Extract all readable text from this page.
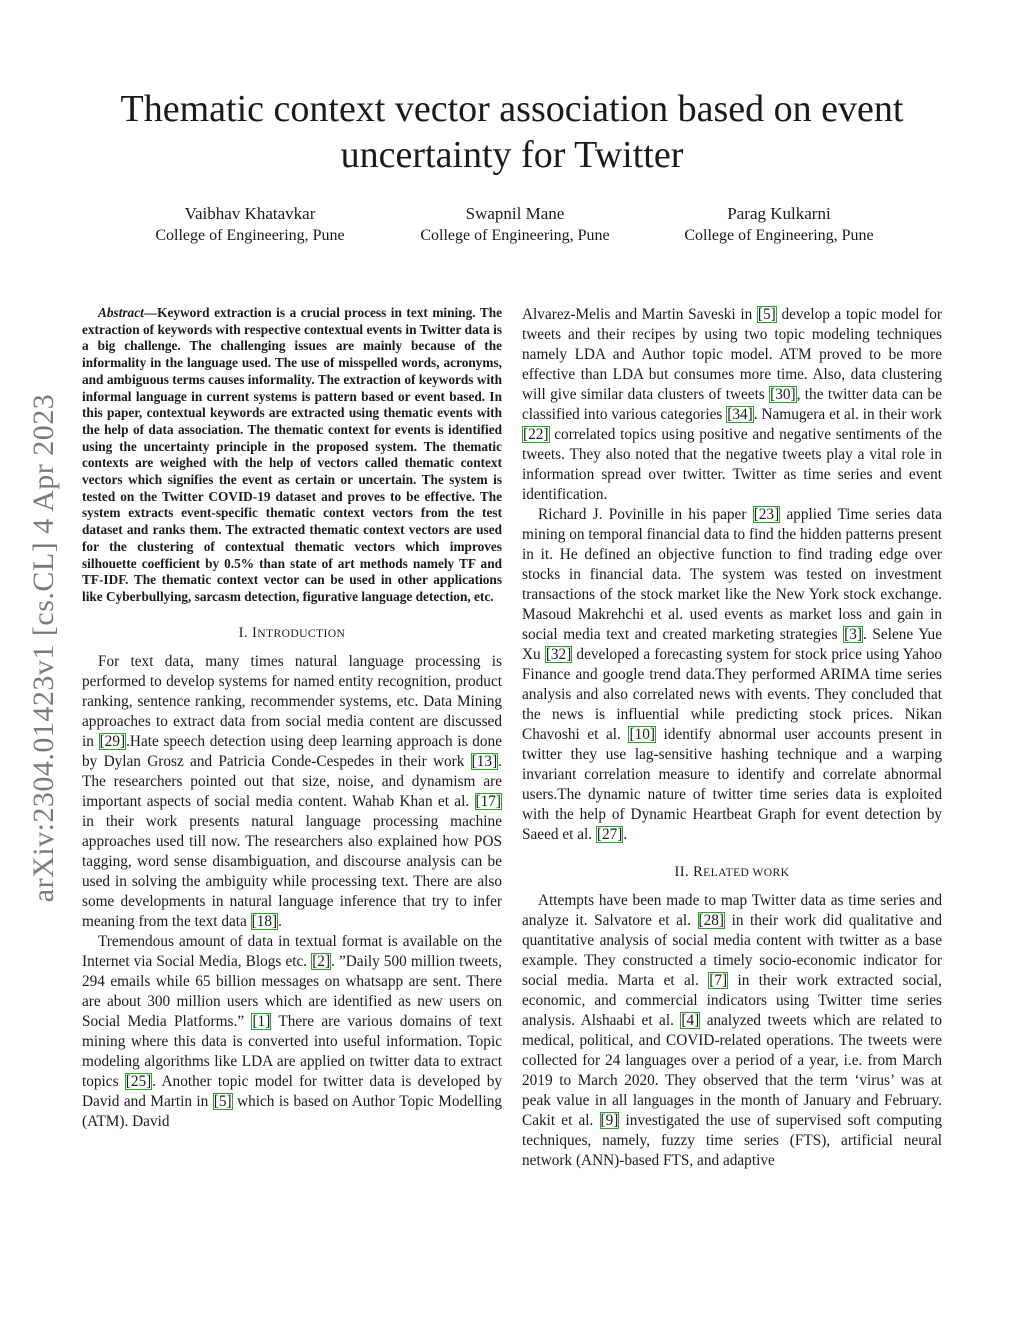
arXiv:2304.01423v1 [cs.CL] 4 Apr 2023
Thematic context vector association based on event uncertainty for Twitter
Vaibhav Khatavkar
College of Engineering, Pune
Swapnil Mane
College of Engineering, Pune
Parag Kulkarni
College of Engineering, Pune

Abstract—Keyword extraction is a crucial process in text mining. The extraction of keywords with respective contextual events in Twitter data is a big challenge. The challenging issues are mainly because of the informality in the language used. The use of misspelled words, acronyms, and ambiguous terms causes informality. The extraction of keywords with informal language in current systems is pattern based or event based. In this paper, contextual keywords are extracted using thematic events with the help of data association. The thematic context for events is identified using the uncertainty principle in the proposed system. The thematic contexts are weighed with the help of vectors called thematic context vectors which signifies the event as certain or uncertain. The system is tested on the Twitter COVID-19 dataset and proves to be effective. The system extracts event-specific thematic context vectors from the test dataset and ranks them. The extracted thematic context vectors are used for the clustering of contextual thematic vectors which improves silhouette coefficient by 0.5% than state of art methods namely TF and TF-IDF. The thematic context vector can be used in other applications like Cyberbullying, sarcasm detection, figurative language detection, etc.

I. INTRODUCTION

For text data, many times natural language processing is performed to develop systems for named entity recognition, product ranking, sentence ranking, recommender systems, etc. Data Mining approaches to extract data from social media content are discussed in [29].Hate speech detection using deep learning approach is done by Dylan Grosz and Patricia Conde-Cespedes in their work [13]. The researchers pointed out that size, noise, and dynamism are important aspects of social media content. Wahab Khan et al. [17] in their work presents natural language processing machine approaches used till now. The researchers also explained how POS tagging, word sense disambiguation, and discourse analysis can be used in solving the ambiguity while processing text. There are also some developments in natural language inference that try to infer meaning from the text data [18].

Tremendous amount of data in textual format is available on the Internet via Social Media, Blogs etc. [2]. ”Daily 500 million tweets, 294 emails while 65 billion messages on whatsapp are sent. There are about 300 million users which are identified as new users on Social Media Platforms.” [1] There are various domains of text mining where this data is converted into useful information. Topic modeling algorithms like LDA are applied on twitter data to extract topics [25]. Another topic model for twitter data is developed by David and Martin in [5] which is based on Author Topic Modelling (ATM). David

Alvarez-Melis and Martin Saveski in [5] develop a topic model for tweets and their recipes by using two topic modeling techniques namely LDA and Author topic model. ATM proved to be more effective than LDA but consumes more time. Also, data clustering will give similar data clusters of tweets [30], the twitter data can be classified into various categories [34]. Namugera et al. in their work [22] correlated topics using positive and negative sentiments of the tweets. They also noted that the negative tweets play a vital role in information spread over twitter. Twitter as time series and event identification.

Richard J. Povinille in his paper [23] applied Time series data mining on temporal financial data to find the hidden patterns present in it. He defined an objective function to find trading edge over stocks in financial data. The system was tested on investment transactions of the stock market like the New York stock exchange. Masoud Makrehchi et al. used events as market loss and gain in social media text and created marketing strategies [3]. Selene Yue Xu [32] developed a forecasting system for stock price using Yahoo Finance and google trend data.They performed ARIMA time series analysis and also correlated news with events. They concluded that the news is influential while predicting stock prices. Nikan Chavoshi et al. [10] identify abnormal user accounts present in twitter they use lag-sensitive hashing technique and a warping invariant correlation measure to identify and correlate abnormal users.The dynamic nature of twitter time series data is exploited with the help of Dynamic Heartbeat Graph for event detection by Saeed et al. [27].

II. RELATED WORK

Attempts have been made to map Twitter data as time series and analyze it. Salvatore et al. [28] in their work did qualitative and quantitative analysis of social media content with twitter as a base example. They constructed a timely socio-economic indicator for social media. Marta et al. [7] in their work extracted social, economic, and commercial indicators using Twitter time series analysis. Alshaabi et al. [4] analyzed tweets which are related to medical, political, and COVID-related operations. The tweets were collected for 24 languages over a period of a year, i.e. from March 2019 to March 2020. They observed that the term ‘virus’ was at peak value in all languages in the month of January and February. Cakit et al. [9] investigated the use of supervised soft computing techniques, namely, fuzzy time series (FTS), artificial neural network (ANN)-based FTS, and adaptive
